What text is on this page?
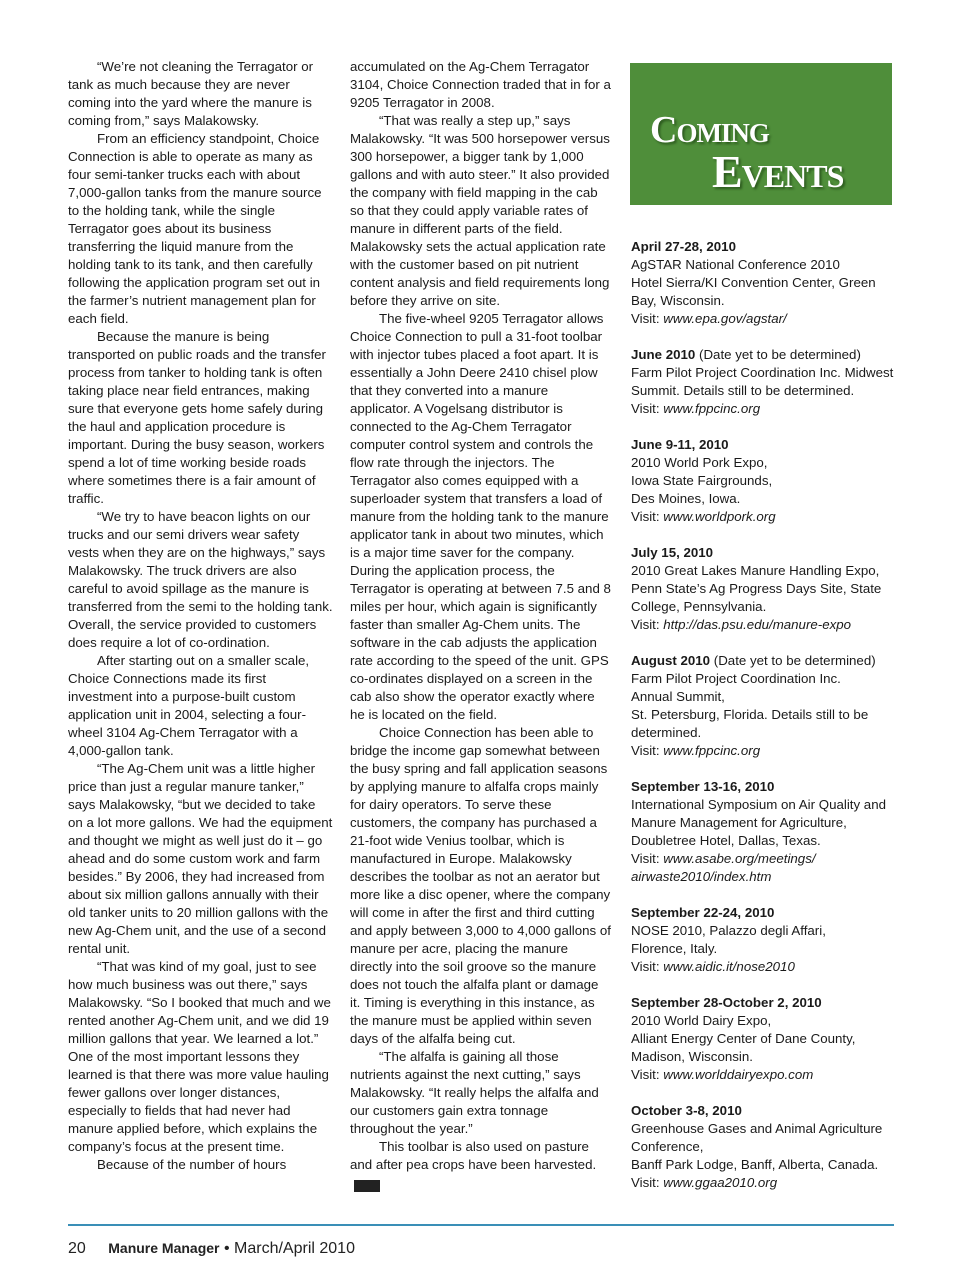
“We’re not cleaning the Terragator or tank as much because they are never coming into the yard where the manure is coming from,” says Malakowsky.

From an efficiency standpoint, Choice Connection is able to operate as many as four semi-tanker trucks each with about 7,000-gallon tanks from the manure source to the holding tank, while the single Terragator goes about its business transferring the liquid manure from the holding tank to its tank, and then carefully following the application program set out in the farmer’s nutrient management plan for each field.

Because the manure is being transported on public roads and the transfer process from tanker to holding tank is often taking place near field entrances, making sure that everyone gets home safely during the haul and application procedure is important. During the busy season, workers spend a lot of time working beside roads where sometimes there is a fair amount of traffic.

“We try to have beacon lights on our trucks and our semi drivers wear safety vests when they are on the highways,” says Malakowsky. The truck drivers are also careful to avoid spillage as the manure is transferred from the semi to the holding tank. Overall, the service provided to customers does require a lot of co-ordination.

After starting out on a smaller scale, Choice Connections made its first investment into a purpose-built custom application unit in 2004, selecting a four-wheel 3104 Ag-Chem Terragator with a 4,000-gallon tank.

“The Ag-Chem unit was a little higher price than just a regular manure tanker,” says Malakowsky, “but we decided to take on a lot more gallons. We had the equipment and thought we might as well just do it – go ahead and do some custom work and farm besides.” By 2006, they had increased from about six million gallons annually with their old tanker units to 20 million gallons with the new Ag-Chem unit, and the use of a second rental unit.

“That was kind of my goal, just to see how much business was out there,” says Malakowsky. “So I booked that much and we rented another Ag-Chem unit, and we did 19 million gallons that year. We learned a lot.” One of the most important lessons they learned is that there was more value hauling fewer gallons over longer distances, especially to fields that had never had manure applied before, which explains the company’s focus at the present time.

Because of the number of hours

accumulated on the Ag-Chem Terragator 3104, Choice Connection traded that in for a 9205 Terragator in 2008.

“That was really a step up,” says Malakowsky. “It was 500 horsepower versus 300 horsepower, a bigger tank by 1,000 gallons and with auto steer.” It also provided the company with field mapping in the cab so that they could apply variable rates of manure in different parts of the field. Malakowsky sets the actual application rate with the customer based on pit nutrient content analysis and field requirements long before they arrive on site.

The five-wheel 9205 Terragator allows Choice Connection to pull a 31-foot toolbar with injector tubes placed a foot apart. It is essentially a John Deere 2410 chisel plow that they converted into a manure applicator. A Vogelsang distributor is connected to the Ag-Chem Terragator computer control system and controls the flow rate through the injectors. The Terragator also comes equipped with a superloader system that transfers a load of manure from the holding tank to the manure applicator tank in about two minutes, which is a major time saver for the company. During the application process, the Terragator is operating at between 7.5 and 8 miles per hour, which again is significantly faster than smaller Ag-Chem units. The software in the cab adjusts the application rate according to the speed of the unit. GPS co-ordinates displayed on a screen in the cab also show the operator exactly where he is located on the field.

Choice Connection has been able to bridge the income gap somewhat between the busy spring and fall application seasons by applying manure to alfalfa crops mainly for dairy operators. To serve these customers, the company has purchased a 21-foot wide Venius toolbar, which is manufactured in Europe. Malakowsky describes the toolbar as not an aerator but more like a disc opener, where the company will come in after the first and third cutting and apply between 3,000 to 4,000 gallons of manure per acre, placing the manure directly into the soil groove so the manure does not touch the alfalfa plant or damage it. Timing is everything in this instance, as the manure must be applied within seven days of the alfalfa being cut.

“The alfalfa is gaining all those nutrients against the next cutting,” says Malakowsky. “It really helps the alfalfa and our customers gain extra tonnage throughout the year.”

This toolbar is also used on pasture and after pea crops have been harvested.MM

Coming
Events
April 27-28, 2010
AgSTAR National Conference 2010
Hotel Sierra/KI Convention Center, Green Bay, Wisconsin.
Visit: www.epa.gov/agstar/
June 2010 (Date yet to be determined)
Farm Pilot Project Coordination Inc. Midwest Summit. Details still to be determined.
Visit: www.fppcinc.org
June 9-11, 2010
2010 World Pork Expo,
Iowa State Fairgrounds,
Des Moines, Iowa.
Visit: www.worldpork.org
July 15, 2010
2010 Great Lakes Manure Handling Expo, Penn State’s Ag Progress Days Site, State College, Pennsylvania.
Visit: http://das.psu.edu/manure-expo
August 2010 (Date yet to be determined)
Farm Pilot Project Coordination Inc.
Annual Summit,
St. Petersburg, Florida. Details still to be determined.
Visit: www.fppcinc.org
September 13-16, 2010
International Symposium on Air Quality and Manure Management for Agriculture, Doubletree Hotel, Dallas, Texas.
Visit: www.asabe.org/meetings/ airwaste2010/index.htm
September 22-24, 2010
NOSE 2010, Palazzo degli Affari,
Florence, Italy.
Visit: www.aidic.it/nose2010
September 28-October 2, 2010
2010 World Dairy Expo,
Alliant Energy Center of Dane County,
Madison, Wisconsin.
Visit: www.worlddairyexpo.com
October 3-8, 2010
Greenhouse Gases and Animal Agriculture Conference,
Banff Park Lodge, Banff, Alberta, Canada.
Visit: www.ggaa2010.org
20 Manure Manager • March/April 2010
